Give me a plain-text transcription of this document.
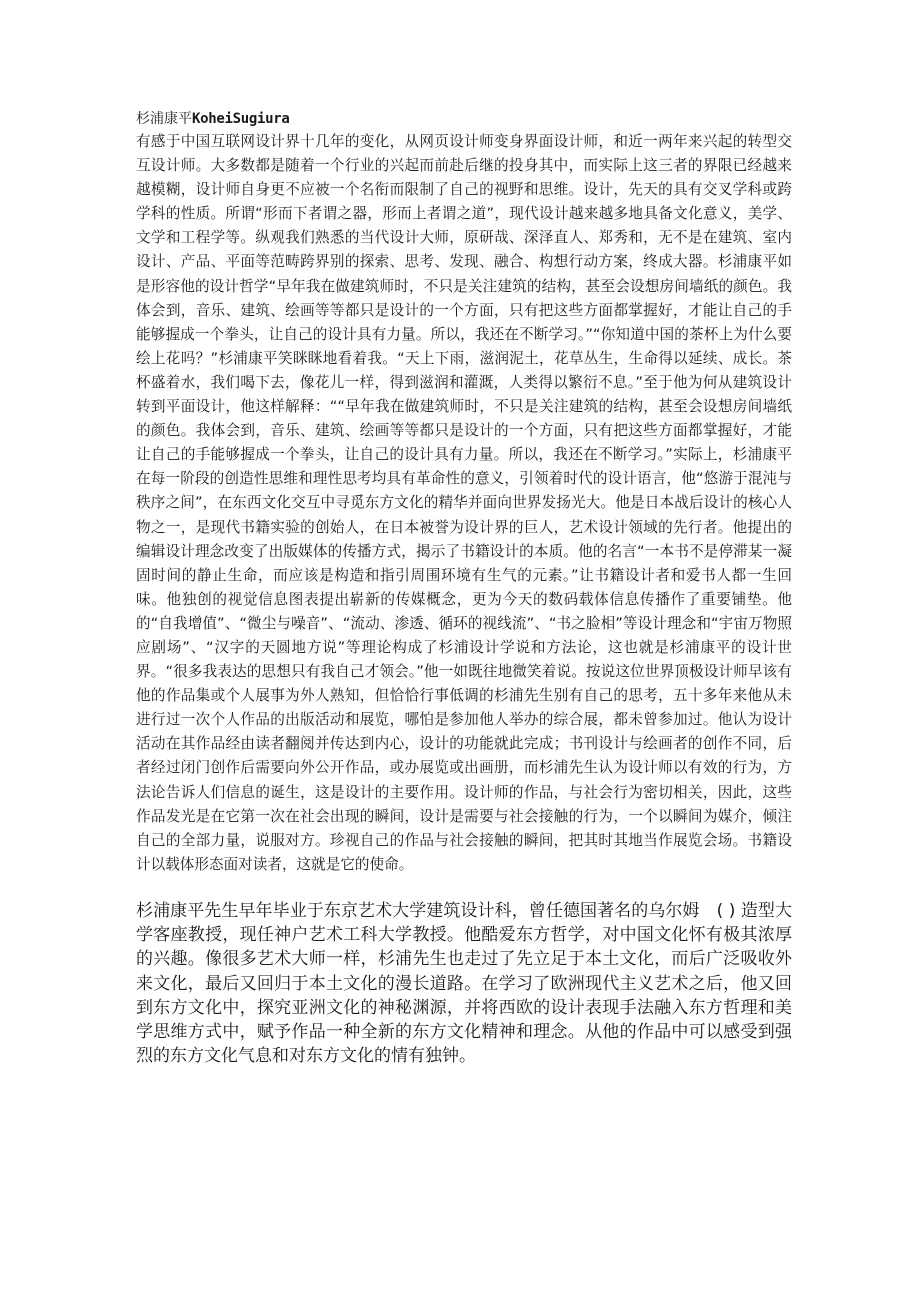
杉浦康平KoheiSugiura

有感于中国互联网设计界十几年的变化，从网页设计师变身界面设计师，和近一两年来兴起的转型交互设计师。大多数都是随着一个行业的兴起而前赴后继的投身其中，而实际上这三者的界限已经越来越模糊，设计师自身更不应被一个名衔而限制了自己的视野和思维。设计，先天的具有交叉学科或跨学科的性质。所谓“形而下者谓之器，形而上者谓之道”，现代设计越来越多地具备文化意义，美学、文学和工程学等。纵观我们熟悉的当代设计大师，原研哉、深泽直人、郑秀和，无不是在建筑、室内设计、产品、平面等范畴跨界别的探索、思考、发现、融合、构想行动方案，终成大器。杉浦康平如是形容他的设计哲学“早年我在做建筑师时，不只是关注建筑的结构，甚至会设想房间墙纸的颜色。我体会到，音乐、建筑、绘画等等都只是设计的一个方面，只有把这些方面都掌握好，才能让自己的手能够握成一个拳头，让自己的设计具有力量。所以，我还在不断学习。”“你知道中国的茶杯上为什么要绘上花吗？”杉浦康平笑眯眯地看着我。“天上下雨，滋润泥土，花草丛生，生命得以延续、成长。茶杯盛着水，我们喝下去，像花儿一样，得到滋润和灌溉，人类得以繁衍不息。”至于他为何从建筑设计转到平面设计，他这样解释：““早年我在做建筑师时，不只是关注建筑的结构，甚至会设想房间墙纸的颜色。我体会到，音乐、建筑、绘画等等都只是设计的一个方面，只有把这些方面都掌握好，才能让自己的手能够握成一个拳头，让自己的设计具有力量。所以，我还在不断学习。”实际上，杉浦康平在每一阶段的创造性思维和理性思考均具有革命性的意义，引领着时代的设计语言，他“悠游于混沌与秩序之间”，在东西文化交互中寻觅东方文化的精华并面向世界发扬光大。他是日本战后设计的核心人物之一，是现代书籍实验的创始人，在日本被誉为设计界的巨人，艺术设计领域的先行者。他提出的编辑设计理念改变了出版媒体的传播方式，揭示了书籍设计的本质。他的名言“一本书不是停滞某一凝固时间的静止生命，而应该是构造和指引周围环境有生气的元素。”让书籍设计者和爱书人都一生回味。他独创的视觉信息图表提出崭新的传媒概念，更为今天的数码载体信息传播作了重要铺垫。他的“自我增值”、“微尘与噪音”、“流动、渗透、循环的视线流”、“书之脸相”等设计理念和“宇宙万物照应剧场”、“汉字的天圆地方说”等理论构成了杉浦设计学说和方法论，这也就是杉浦康平的设计世界。“很多我表达的思想只有我自己才领会。”他一如既往地微笑着说。按说这位世界顶极设计师早该有他的作品集或个人展事为外人熟知，但恰恰行事低调的杉浦先生别有自己的思考，五十多年来他从未进行过一次个人作品的出版活动和展览，哪怕是参加他人举办的综合展，都未曾参加过。他认为设计活动在其作品经由读者翻阅并传达到内心，设计的功能就此完成；书刊设计与绘画者的创作不同，后者经过闭门创作后需要向外公开作品，或办展览或出画册，而杉浦先生认为设计师以有效的行为，方法论告诉人们信息的诞生，这是设计的主要作用。设计师的作品，与社会行为密切相关，因此，这些作品发光是在它第一次在社会出现的瞬间，设计是需要与社会接触的行为，一个以瞬间为媒介，倾注自己的全部力量，说服对方。珍视自己的作品与社会接触的瞬间，把其时其地当作展览会场。书籍设计以载体形态面对读者，这就是它的使命。

杉浦康平先生早年毕业于东京艺术大学建筑设计科，曾任德国著名的乌尔姆　( ) 造型大学客座教授，现任神户艺术工科大学教授。他酷爱东方哲学，对中国文化怀有极其浓厚的兴趣。像很多艺术大师一样，杉浦先生也走过了先立足于本土文化，而后广泛吸收外来文化，最后又回归于本土文化的漫长道路。在学习了欧洲现代主义艺术之后，他又回到东方文化中，探究亚洲文化的神秘渊源，并将西欧的设计表现手法融入东方哲理和美学思维方式中，赋予作品一种全新的东方文化精神和理念。从他的作品中可以感受到强烈的东方文化气息和对东方文化的情有独钟。
